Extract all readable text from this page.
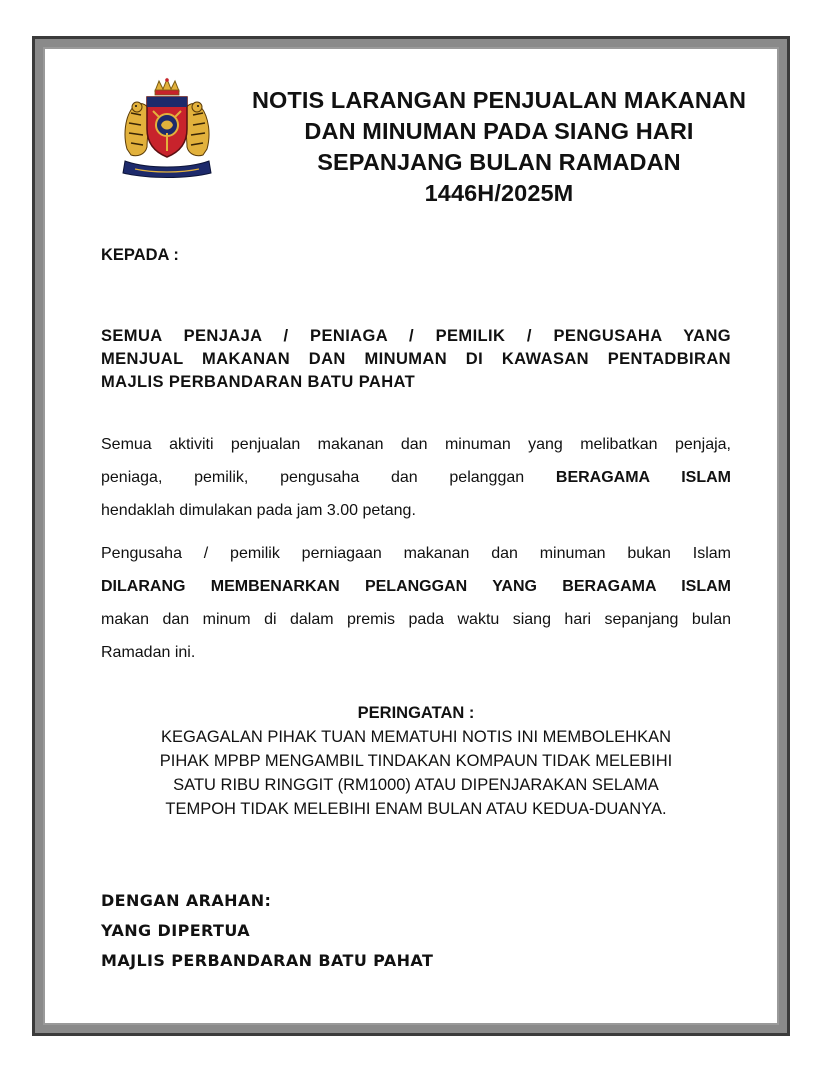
NOTIS LARANGAN PENJUALAN MAKANAN
DAN MINUMAN PADA SIANG HARI
SEPANJANG BULAN RAMADAN
1446H/2025M

KEPADA :

SEMUA PENJAJA / PENIAGA / PEMILIK / PENGUSAHA YANG
MENJUAL MAKANAN DAN MINUMAN DI KAWASAN PENTADBIRAN
MAJLIS PERBANDARAN BATU PAHAT

Semua aktiviti penjualan makanan dan minuman yang melibatkan penjaja,
peniaga, pemilik, pengusaha dan pelanggan BERAGAMA ISLAM
hendaklah dimulakan pada jam 3.00 petang.

Pengusaha / pemilik perniagaan makanan dan minuman bukan Islam
DILARANG MEMBENARKAN PELANGGAN YANG BERAGAMA ISLAM
makan dan minum di dalam premis pada waktu siang hari sepanjang bulan
Ramadan ini.

PERINGATAN :
KEGAGALAN PIHAK TUAN MEMATUHI NOTIS INI MEMBOLEHKAN
PIHAK MPBP MENGAMBIL TINDAKAN KOMPAUN TIDAK MELEBIHI
SATU RIBU RINGGIT (RM1000) ATAU DIPENJARAKAN SELAMA
TEMPOH TIDAK MELEBIHI ENAM BULAN ATAU KEDUA-DUANYA.
DENGAN ARAHAN:
YANG DIPERTUA
MAJLIS PERBANDARAN BATU PAHAT
